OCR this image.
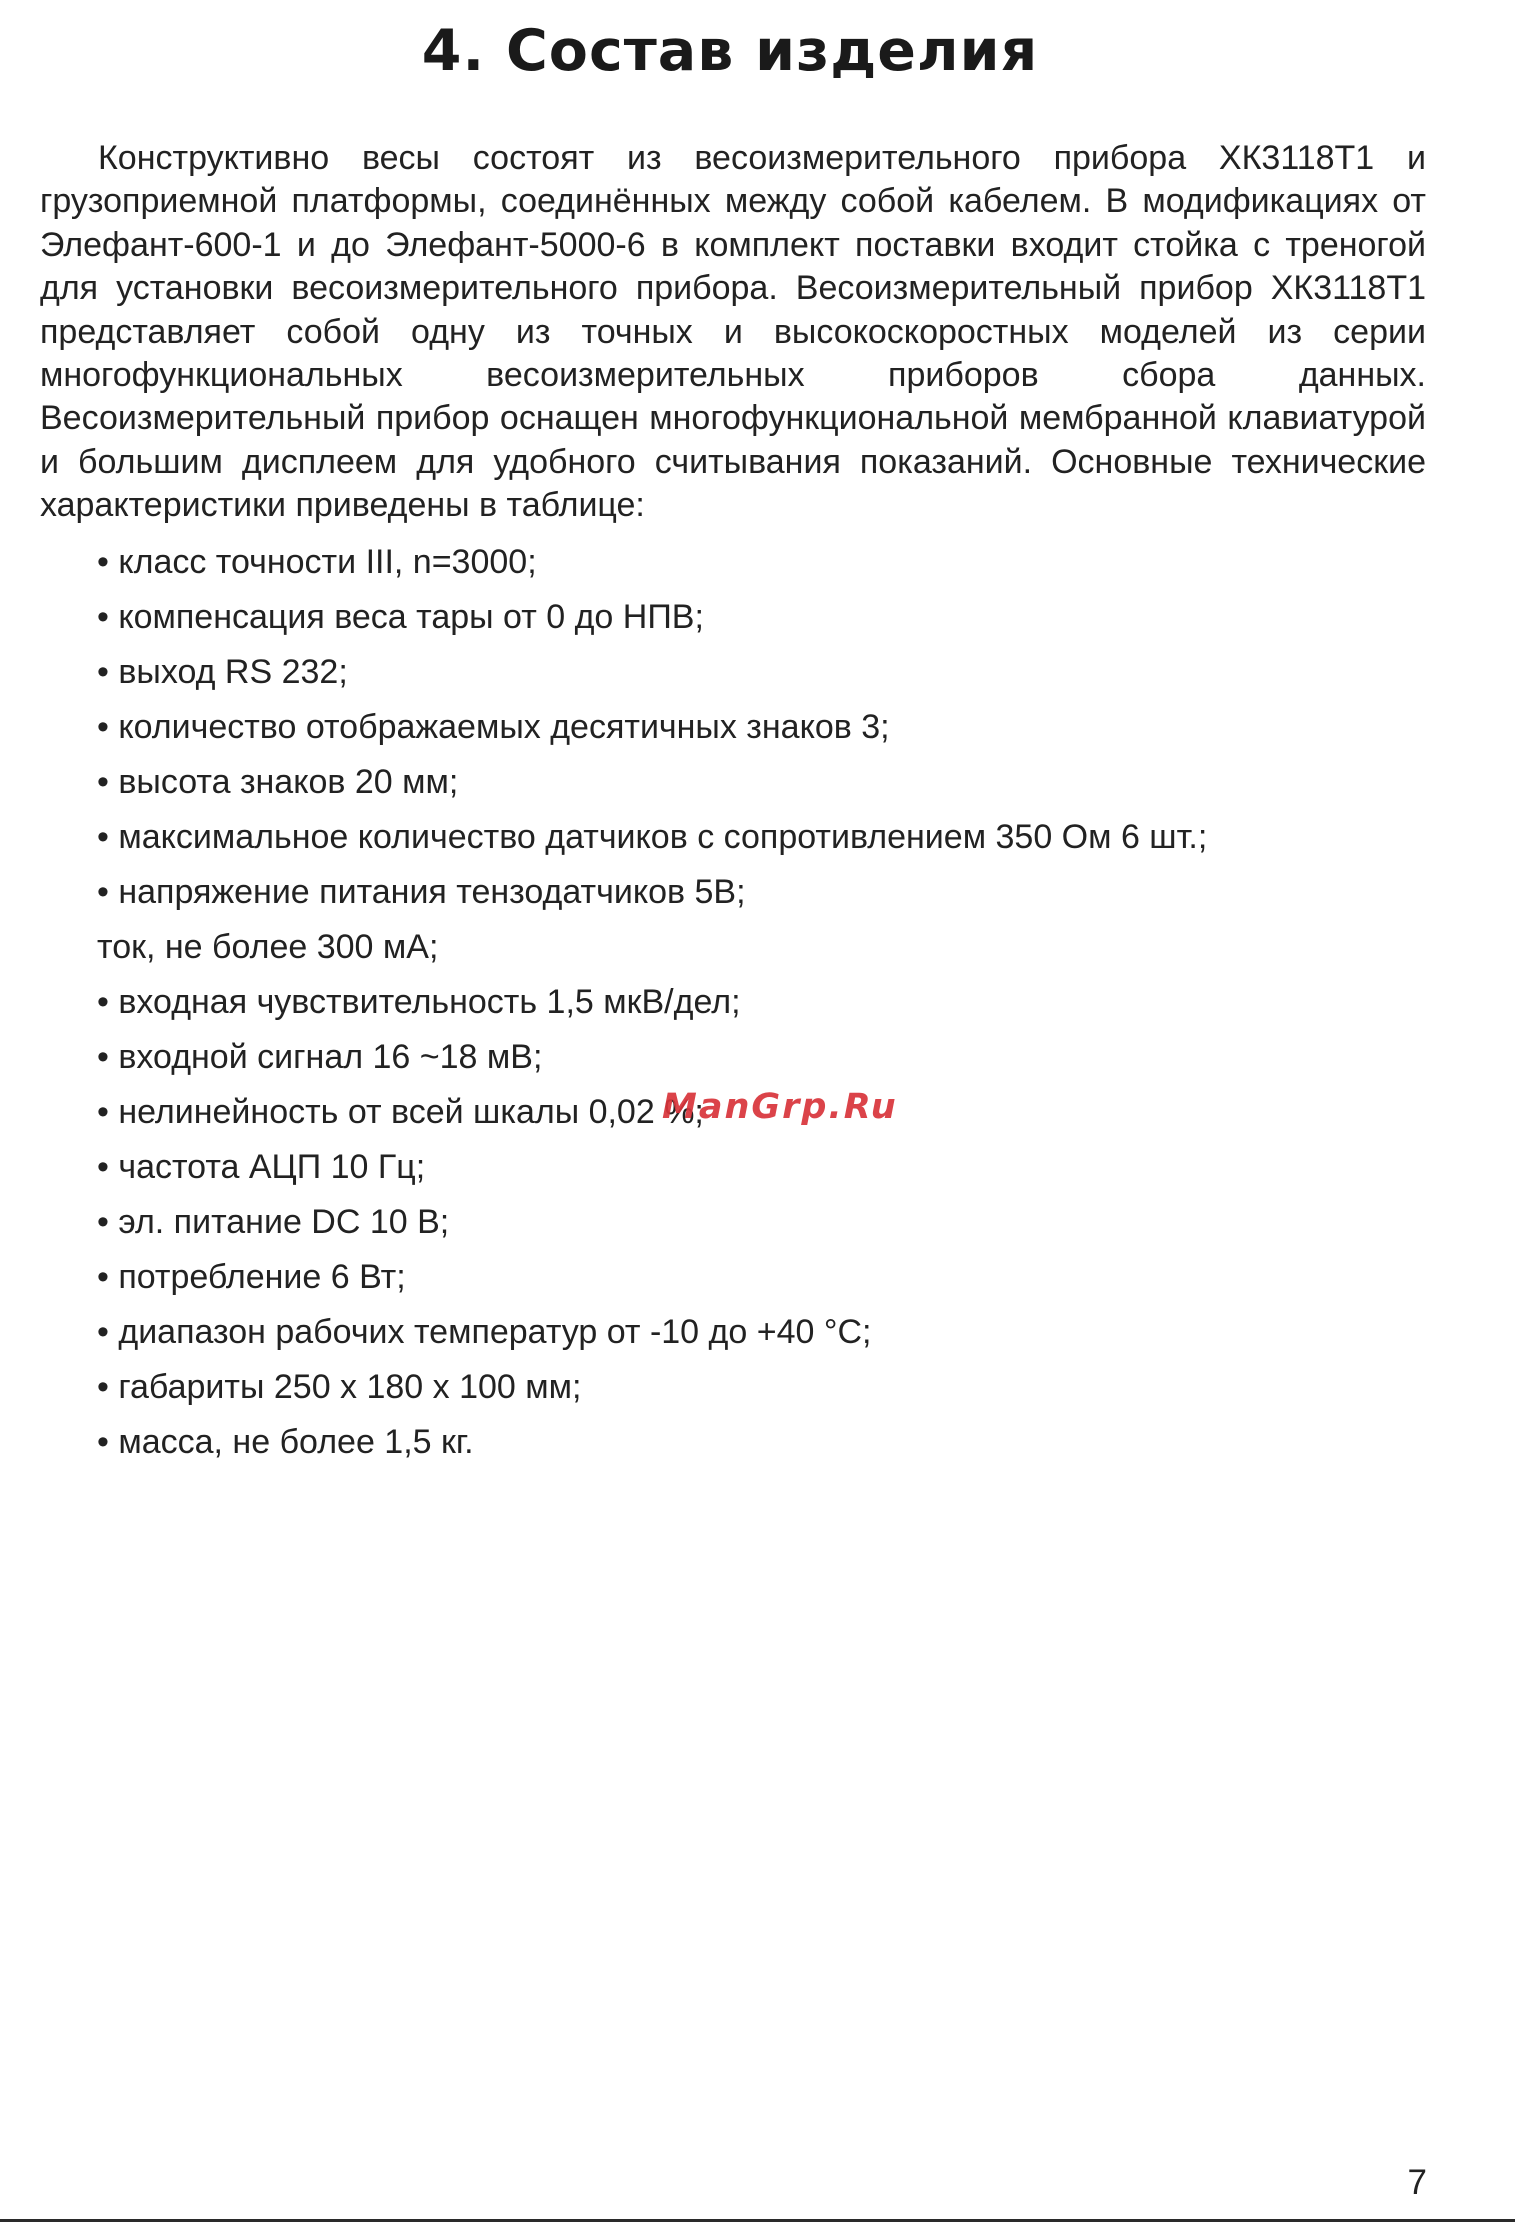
4. Состав изделия

Конструктивно весы состоят из весоизмерительного прибора ХК3118Т1 и грузоприемной платформы, соединённых между собой кабелем. В модификациях от Элефант-600-1 и до Элефант-5000-6 в комплект поставки входит стойка с треногой для установки весоизмерительного прибора. Весоизмерительный прибор ХК3118Т1 представляет собой одну из точных и высокоскоростных моделей из серии многофункциональных весоизмерительных приборов сбора данных. Весоизмерительный прибор оснащен многофункциональной мембранной клавиатурой и большим дисплеем для удобного считывания показаний. Основные технические характеристики приведены в таблице:

• класс точности III, n=3000;
• компенсация веса тары от 0 до НПВ;
• выход RS 232;
• количество отображаемых десятичных знаков 3;
• высота знаков 20 мм;
• максимальное количество датчиков с сопротивлением 350 Ом 6 шт.;
• напряжение питания тензодатчиков 5В;
ток, не более 300 мА;
• входная чувствительность 1,5 мкВ/дел;
• входной сигнал 16 ~18 мВ;
• нелинейность от всей шкалы 0,02 %;
• частота АЦП 10 Гц;
• эл. питание DC 10 В;
• потребление 6 Вт;
• диапазон рабочих температур от -10 до +40 °С;
• габариты 250 х 180 х 100 мм;
• масса, не более 1,5 кг.
ManGrp.Ru
7
